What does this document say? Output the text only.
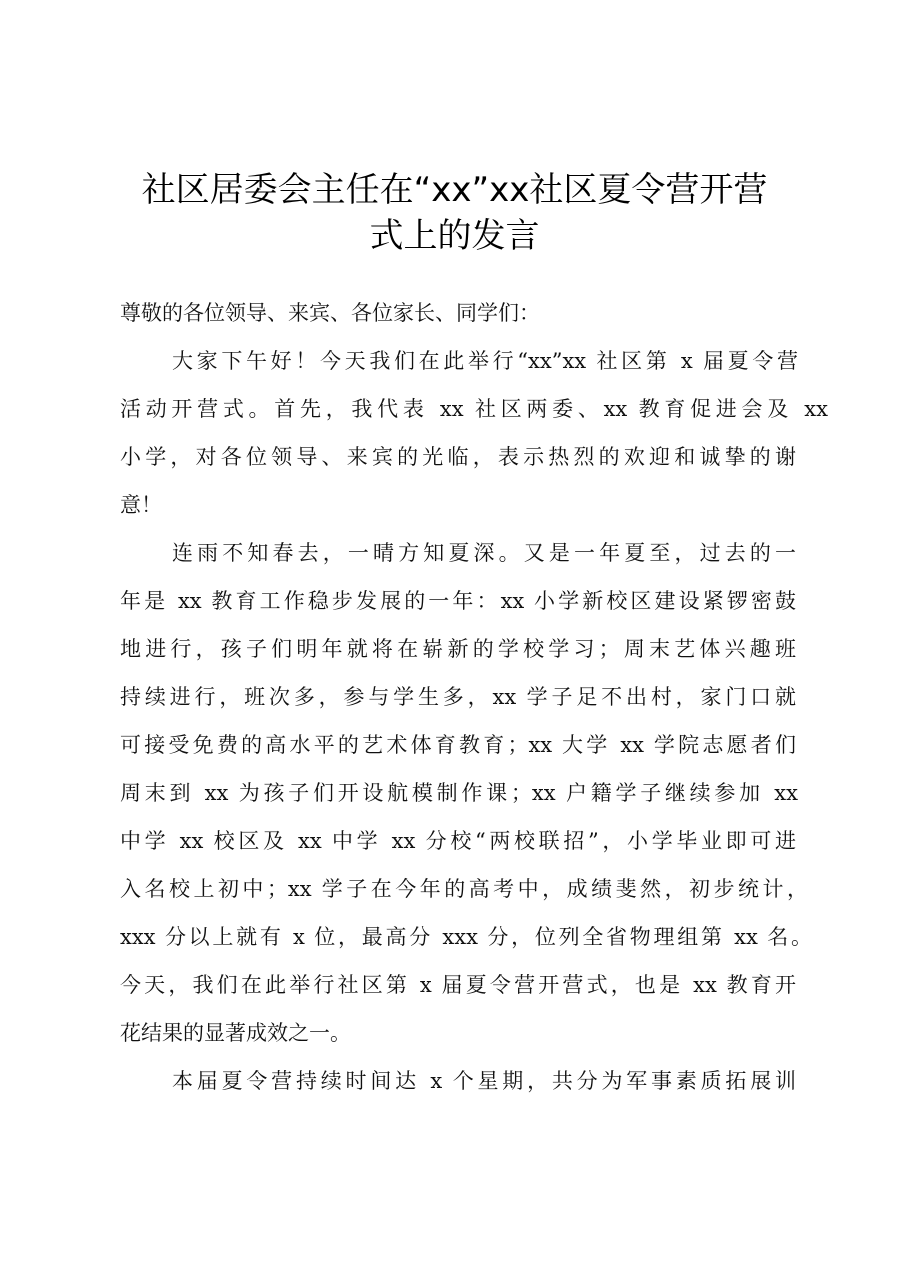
社区居委会主任在“xx”xx社区夏令营开营
式上的发言
尊敬的各位领导、来宾、各位家长、同学们：
大家下午好！今天我们在此举行“xx”xx 社区第 x 届夏令营
活动开营式。首先，我代表 xx 社区两委、xx 教育促进会及 xx
小学，对各位领导、来宾的光临，表示热烈的欢迎和诚挚的谢
意！
连雨不知春去，一晴方知夏深。又是一年夏至，过去的一
年是 xx 教育工作稳步发展的一年：xx 小学新校区建设紧锣密鼓
地进行，孩子们明年就将在崭新的学校学习；周末艺体兴趣班
持续进行，班次多，参与学生多，xx 学子足不出村，家门口就
可接受免费的高水平的艺术体育教育；xx 大学 xx 学院志愿者们
周末到 xx 为孩子们开设航模制作课；xx 户籍学子继续参加 xx
中学 xx 校区及 xx 中学 xx 分校“两校联招”，小学毕业即可进
入名校上初中；xx 学子在今年的高考中，成绩斐然，初步统计，
xxx 分以上就有 x 位，最高分 xxx 分，位列全省物理组第 xx 名。
今天，我们在此举行社区第 x 届夏令营开营式，也是 xx 教育开
花结果的显著成效之一。
本届夏令营持续时间达 x 个星期，共分为军事素质拓展训
